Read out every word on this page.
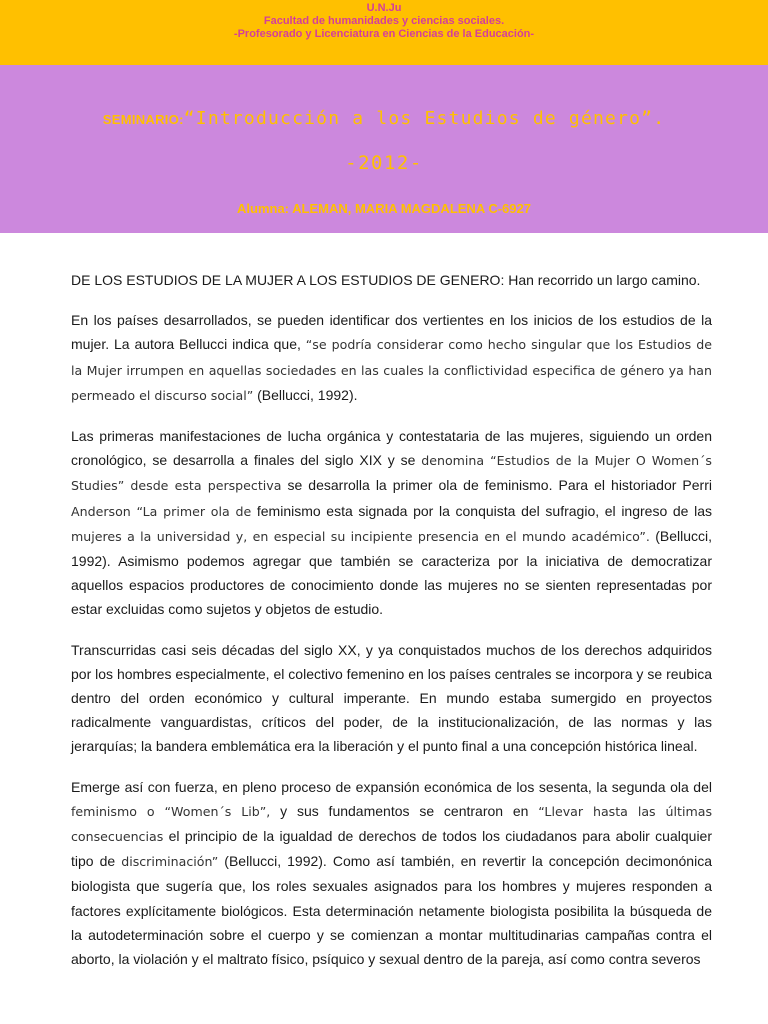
U.N.Ju
Facultad de humanidades y ciencias sociales.
-Profesorado y Licenciatura en Ciencias de la Educación-
SEMINARIO:“Introducción a los Estudios de género”.
-2012-
Alumna: ALEMAN, MARIA MAGDALENA C-6927

DE LOS ESTUDIOS DE LA MUJER A LOS ESTUDIOS DE GENERO: Han recorrido un largo camino.

En los países desarrollados, se pueden identificar dos vertientes en los inicios de los estudios de la mujer. La autora Bellucci indica que, “se podría considerar como hecho singular que los Estudios de la Mujer irrumpen en aquellas sociedades en las cuales la conflictividad especifica de género ya han permeado el discurso social” (Bellucci, 1992).

Las primeras manifestaciones de lucha orgánica y contestataria de las mujeres, siguiendo un orden cronológico, se desarrolla a finales del siglo XIX y se denomina “Estudios de la Mujer O Women´s Studies” desde esta perspectiva se desarrolla la primer ola de feminismo. Para el historiador Perri Anderson “La primer ola de feminismo esta signada por la conquista del sufragio, el ingreso de las mujeres a la universidad y, en especial su incipiente presencia en el mundo académico”. (Bellucci, 1992). Asimismo podemos agregar que también se caracteriza por la iniciativa de democratizar aquellos espacios productores de conocimiento donde las mujeres no se sienten representadas por estar excluidas como sujetos y objetos de estudio.

Transcurridas casi seis décadas del siglo XX, y ya conquistados muchos de los derechos adquiridos por los hombres especialmente, el colectivo femenino en los países centrales se incorpora y se reubica dentro del orden económico y cultural imperante. En mundo estaba sumergido en proyectos radicalmente vanguardistas, críticos del poder, de la institucionalización, de las normas y las jerarquías; la bandera emblemática era la liberación y el punto final a una concepción histórica lineal.

Emerge así con fuerza, en pleno proceso de expansión económica de los sesenta, la segunda ola del feminismo o “Women´s Lib”, y sus fundamentos se centraron en “Llevar hasta las últimas consecuencias el principio de la igualdad de derechos de todos los ciudadanos para abolir cualquier tipo de discriminación” (Bellucci, 1992). Como así también, en revertir la concepción decimonónica biologista que sugería que, los roles sexuales asignados para los hombres y mujeres responden a factores explícitamente biológicos. Esta determinación netamente biologista posibilita la búsqueda de la autodeterminación sobre el cuerpo y se comienzan a montar multitudinarias campañas contra el aborto, la violación y el maltrato físico, psíquico y sexual dentro de la pareja, así como contra severos
